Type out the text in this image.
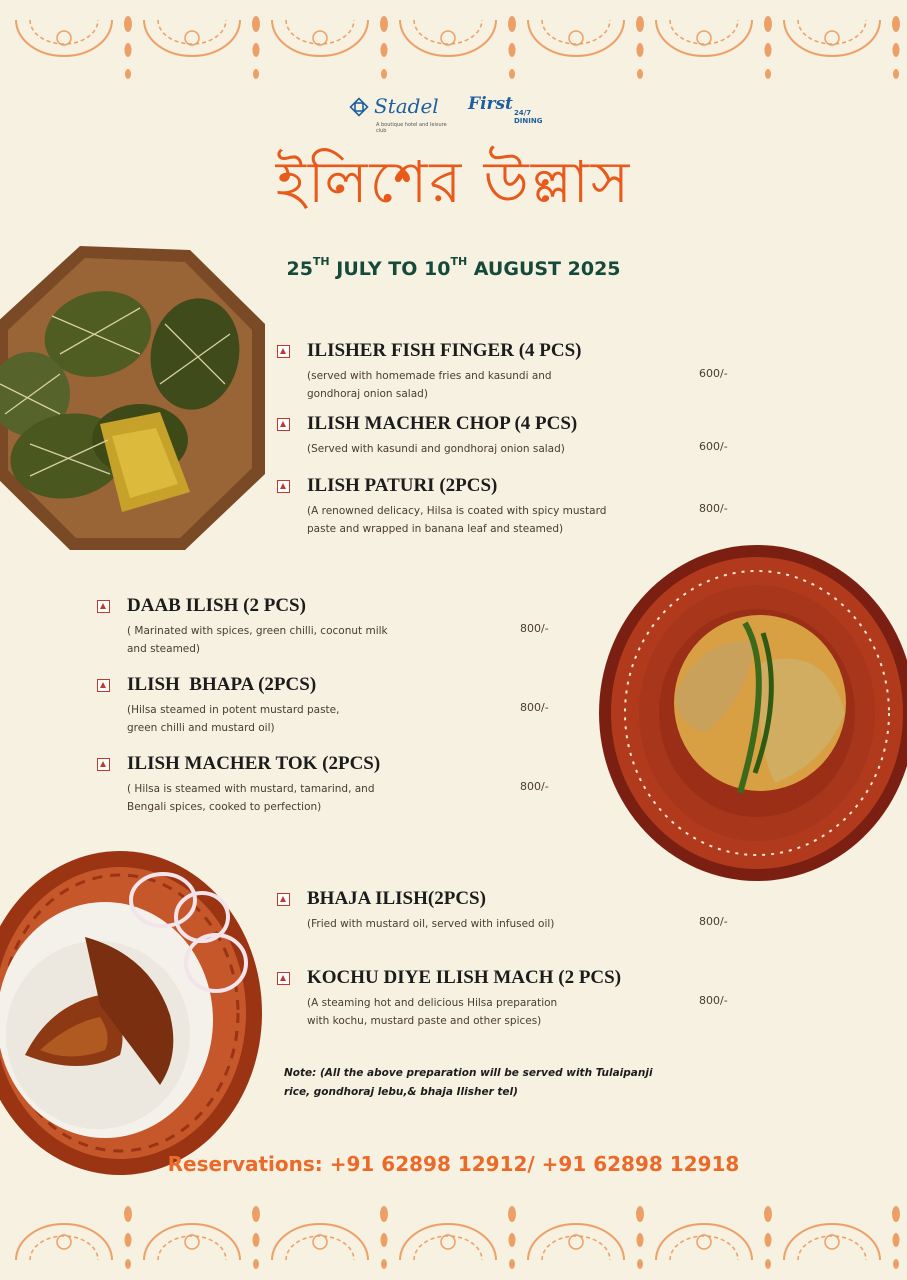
Stadel
A boutique hotel and leisure club
First 24/7 DINING
ইলিশের উল্লাস
25TH JULY TO 10TH AUGUST 2025
ILISHER FISH FINGER (4 PCS)
(served with homemade fries and kasundi and
gondhoraj onion salad)
600/-
ILISH MACHER CHOP (4 PCS)
(Served with kasundi and gondhoraj onion salad)	600/-
ILISH PATURI (2PCS)
(A renowned delicacy, Hilsa is coated with spicy mustard
paste and wrapped in banana leaf and steamed)
800/-
DAAB ILISH (2 PCS)
( Marinated with spices, green chilli, coconut milk
and steamed)
800/-
ILISH  BHAPA (2PCS)
(Hilsa steamed in potent mustard paste,
green chilli and mustard oil)
800/-
ILISH MACHER TOK (2PCS)
( Hilsa is steamed with mustard, tamarind, and
Bengali spices, cooked to perfection)
800/-
BHAJA ILISH(2PCS)
(Fried with mustard oil, served with infused oil)	800/-
KOCHU DIYE ILISH MACH (2 PCS)
(A steaming hot and delicious Hilsa preparation
with kochu, mustard paste and other spices)
800/-
Note: (All the above preparation will be served with Tulaipanji
rice, gondhoraj lebu,& bhaja Ilisher tel)
Reservations: +91 62898 12912/ +91 62898 12918
